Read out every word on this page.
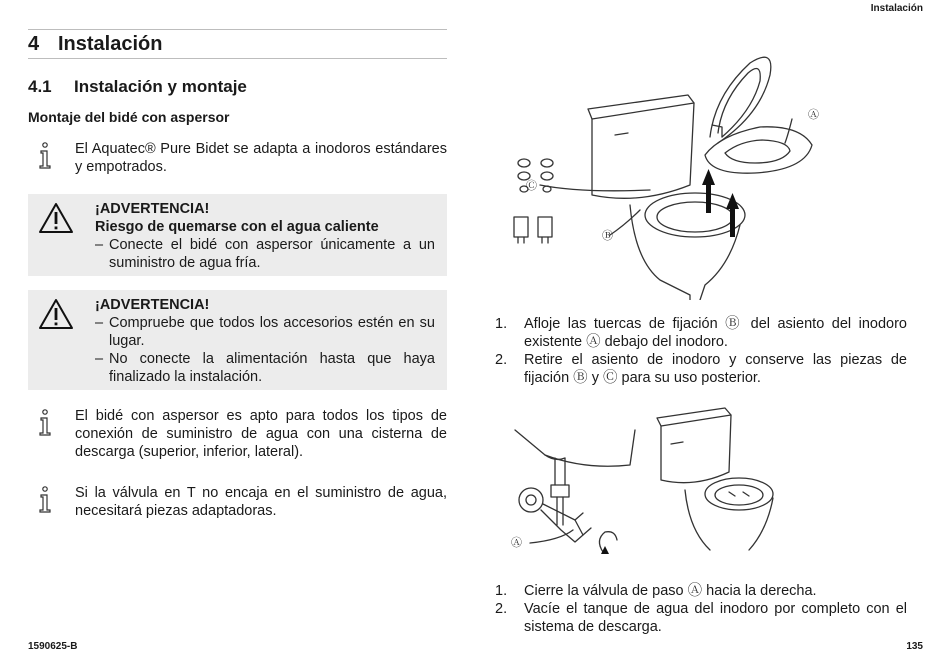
Instalación
4 Instalación
4.1 Instalación y montaje
Montaje del bidé con aspersor
El Aquatec® Pure Bidet se adapta a inodoros estándares y empotrados.
¡ADVERTENCIA!
Riesgo de quemarse con el agua caliente
– Conecte el bidé con aspersor únicamente a un suministro de agua fría.
¡ADVERTENCIA!
– Compruebe que todos los accesorios estén en su lugar.
– No conecte la alimentación hasta que haya finalizado la instalación.
El bidé con aspersor es apto para todos los tipos de conexión de suministro de agua con una cisterna de descarga (superior, inferior, lateral).
Si la válvula en T no encaja en el suministro de agua, necesitará piezas adaptadoras.
Ⓐ
Ⓑ
Ⓒ
1. Afloje las tuercas de fijación Ⓑ del asiento del inodoro existente Ⓐ debajo del inodoro.
2. Retire el asiento de inodoro y conserve las piezas de fijación Ⓑ y Ⓒ para su uso posterior.
Ⓐ
1. Cierre la válvula de paso Ⓐ hacia la derecha.
2. Vacíe el tanque de agua del inodoro por completo con el sistema de descarga.
1590625-B	135
